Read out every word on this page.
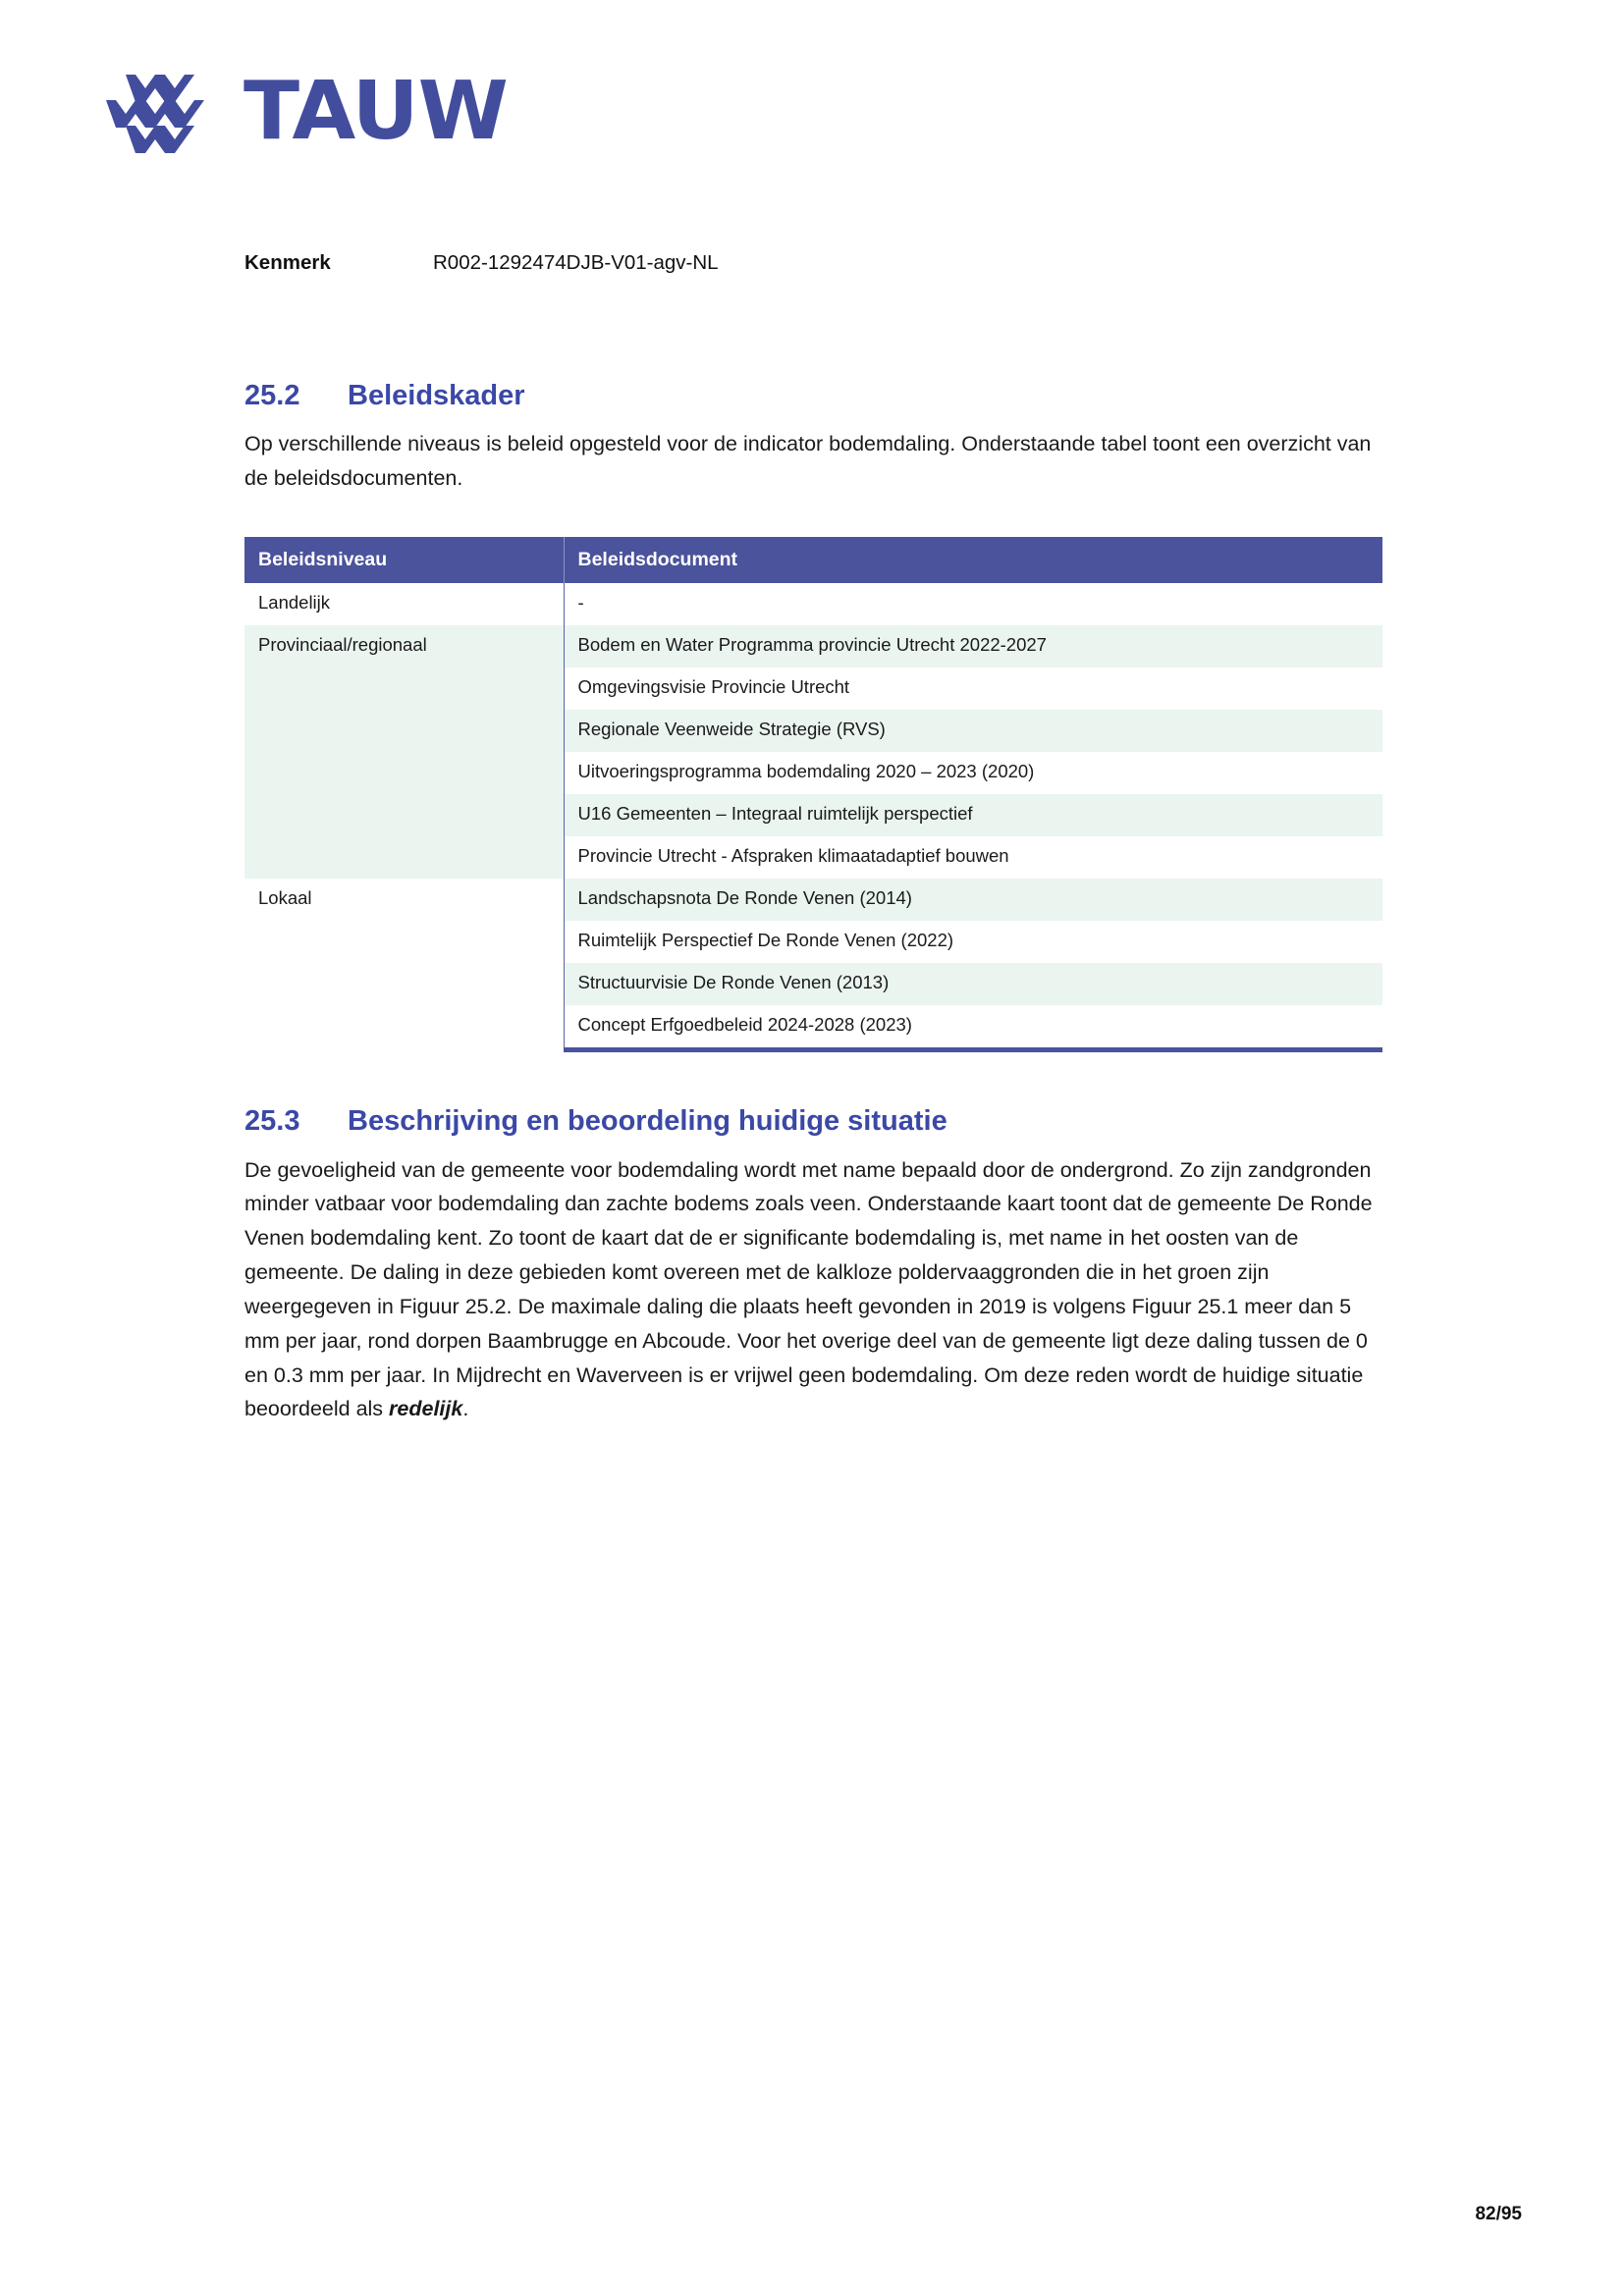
TAUW
Kenmerk	R002-1292474DJB-V01-agv-NL
25.2	Beleidskader

Op verschillende niveaus is beleid opgesteld voor de indicator bodemdaling. Onderstaande tabel toont een overzicht van de beleidsdocumenten.

Beleidsniveau	Beleidsdocument
Landelijk	-
Provinciaal/regionaal	Bodem en Water Programma provincie Utrecht 2022-2027
	Omgevingsvisie Provincie Utrecht
	Regionale Veenweide Strategie (RVS)
	Uitvoeringsprogramma bodemdaling 2020 – 2023 (2020)
	U16 Gemeenten – Integraal ruimtelijk perspectief
	Provincie Utrecht - Afspraken klimaatadaptief bouwen
Lokaal	Landschapsnota De Ronde Venen (2014)
	Ruimtelijk Perspectief De Ronde Venen (2022)
	Structuurvisie De Ronde Venen (2013)
	Concept Erfgoedbeleid 2024-2028 (2023)
25.3	Beschrijving en beoordeling huidige situatie

De gevoeligheid van de gemeente voor bodemdaling wordt met name bepaald door de ondergrond. Zo zijn zandgronden minder vatbaar voor bodemdaling dan zachte bodems zoals veen. Onderstaande kaart toont dat de gemeente De Ronde Venen bodemdaling kent. Zo toont de kaart dat de er significante bodemdaling is, met name in het oosten van de gemeente. De daling in deze gebieden komt overeen met de kalkloze poldervaaggronden die in het groen zijn weergegeven in Figuur 25.2. De maximale daling die plaats heeft gevonden in 2019 is volgens Figuur 25.1 meer dan 5 mm per jaar, rond dorpen Baambrugge en Abcoude. Voor het overige deel van de gemeente ligt deze daling tussen de 0 en 0.3 mm per jaar. In Mijdrecht en Waverveen is er vrijwel geen bodemdaling. Om deze reden wordt de huidige situatie beoordeeld als redelijk.

82/95
